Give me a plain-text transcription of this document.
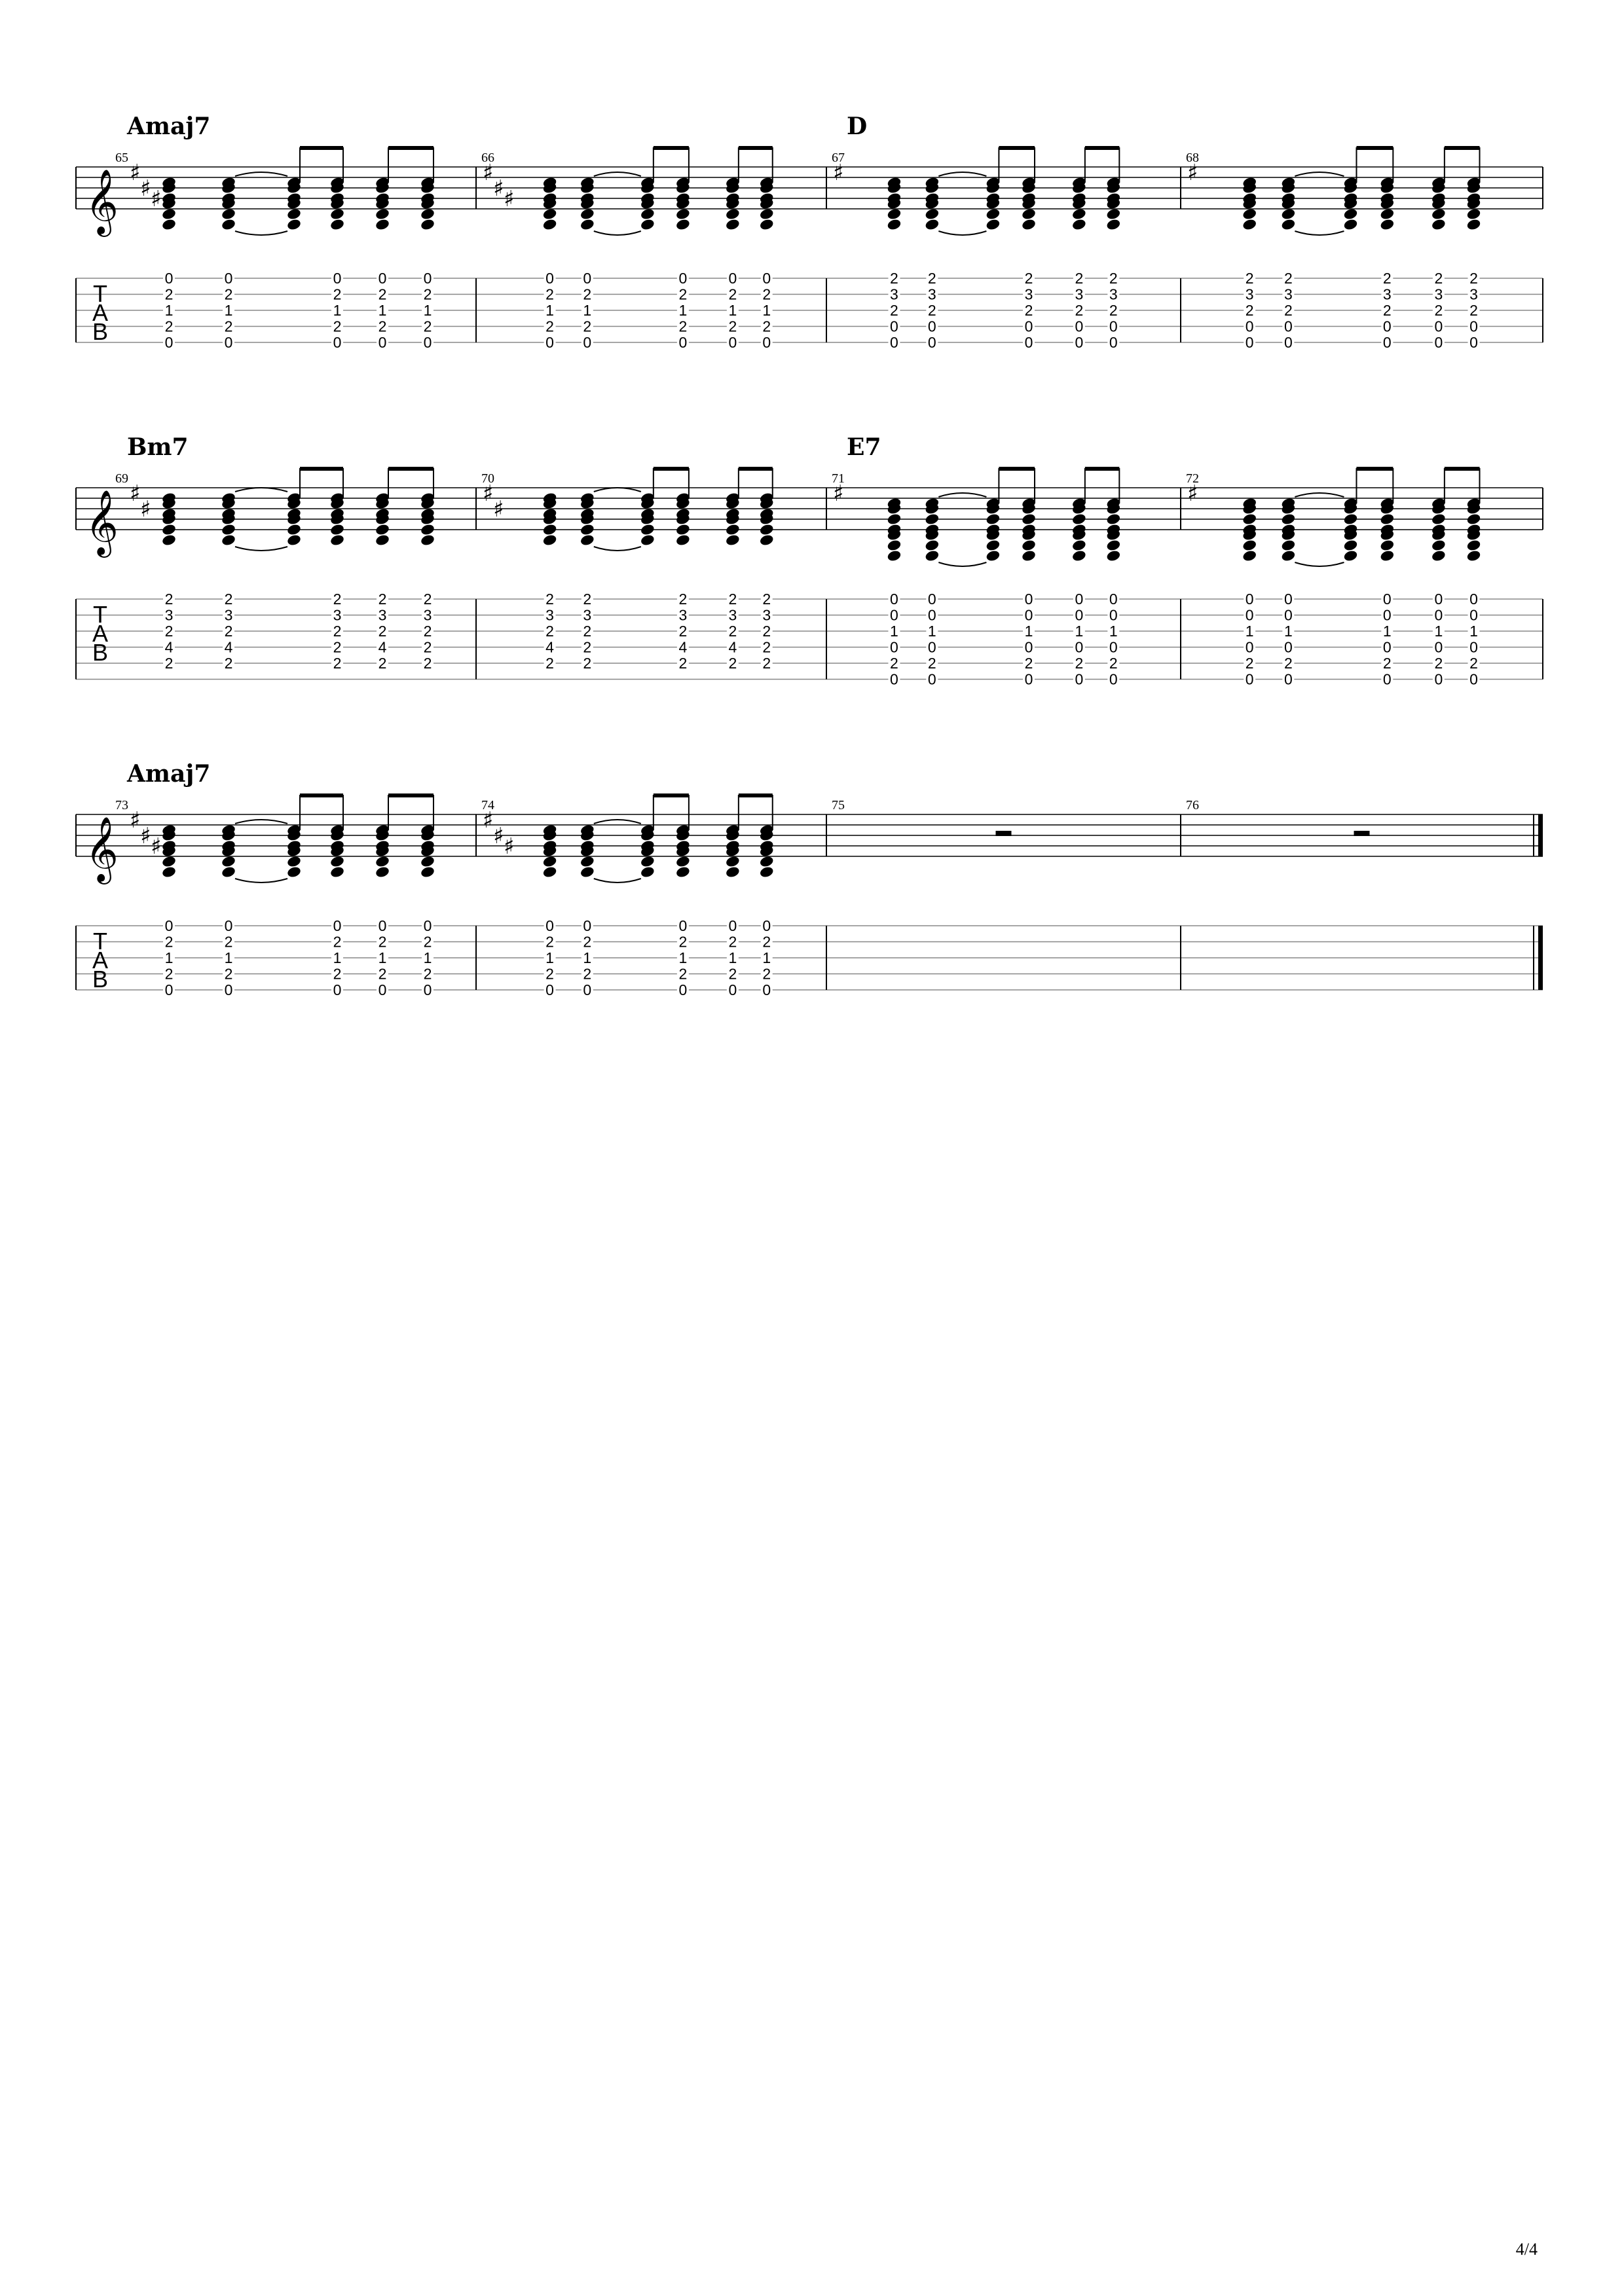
𝄞
T
A
B
65
Amaj7
♯
♯ ♯
0
2
1
2
0
0
2
1
2
0
0
2
1
2
0
0
2
1
2
0
0
2
1
2
0
66
♯
♯ ♯
0
2
1
2
0
0
2
1
2
0
0
2
1
2
0
0
2
1
2
0
0
2
1
2
0
67
D
♯
2
3
2
0
0
2
3
2
0
0
2
3
2
0
0
2
3
2
0
0
2
3
2
0
0
68
♯
2
3
2
0
0
2
3
2
0
0
2
3
2
0
0
2
3
2
0
0
2
3
2
0
0
𝄞
T
A
B
69
Bm7
♯
♯
2
3
2
4
2
2
3
2
4
2
2
3
2
2
2
2
3
2
4
2
2
3
2
2
2
70
♯
♯
2
3
2
4
2
2
3
2
2
2
2
3
2
4
2
2
3
2
4
2
2
3
2
2
2
71
E7
♯
0
0
1
0
2
0
0
0
1
0
2
0
0
0
1
0
2
0
0
0
1
0
2
0
0
0
1
0
2
0
72
♯
0
0
1
0
2
0
0
0
1
0
2
0
0
0
1
0
2
0
0
0
1
0
2
0
0
0
1
0
2
0
𝄞
T
A
B
73
Amaj7
♯
♯ ♯
0
2
1
2
0
0
2
1
2
0
0
2
1
2
0
0
2
1
2
0
0
2
1
2
0
74
♯
♯ ♯
0
2
1
2
0
0
2
1
2
0
0
2
1
2
0
0
2
1
2
0
0
2
1
2
0
75	76
4/4
